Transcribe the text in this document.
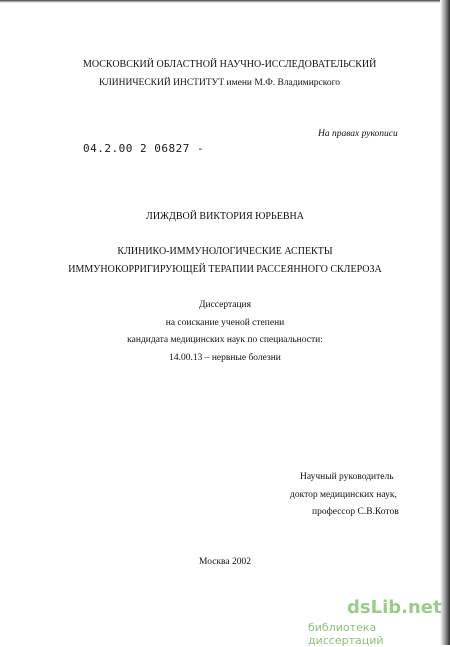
МОСКОВСКИЙ ОБЛАСТНОЙ НАУЧНО-ИССЛЕДОВАТЕЛЬСКИЙ
КЛИНИЧЕСКИЙ ИНСТИТУТ имени М.Ф. Владимирского
На правах рукописи
04.2.00 2 06827 -
ЛИЖДВОЙ ВИКТОРИЯ ЮРЬЕВНА
КЛИНИКО-ИММУНОЛОГИЧЕСКИЕ АСПЕКТЫ
ИММУНОКОРРИГИРУЮЩЕЙ ТЕРАПИИ РАССЕЯННОГО СКЛЕРОЗА
Диссертация
на соискание ученой степени
кандидата медицинских наук по специальности:
14.00.13 – нервные болезни
Научный руководитель
доктор медицинских наук,
профессор С.В.Котов
Москва 2002
dsLib.net
библиотека диссертаций
